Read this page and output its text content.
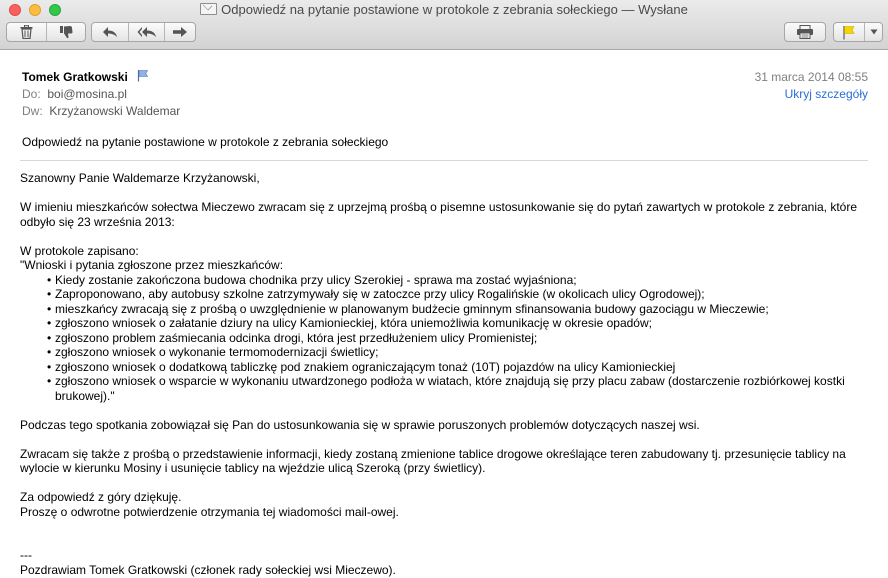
Odpowiedź na pytanie postawione w protokole z zebrania sołeckiego — Wysłane
Tomek Gratkowski
Do: boi@mosina.pl
Dw: Krzyżanowski Waldemar
31 marca 2014 08:55
Ukryj szczegóły
Odpowiedź na pytanie postawione w protokole z zebrania sołeckiego

Szanowny Panie Waldemarze Krzyżanowski,

W imieniu mieszkańców sołectwa Mieczewo zwracam się z uprzejmą prośbą o pisemne ustosunkowanie się do pytań zawartych w protokole z zebrania, które odbyło się 23 września 2013:

W protokole zapisano:
"Wnioski i pytania zgłoszone przez mieszkańców:
• Kiedy zostanie zakończona budowa chodnika przy ulicy Szerokiej - sprawa ma zostać wyjaśniona;
• Zaproponowano, aby autobusy szkolne zatrzymywały się w zatoczce przy ulicy Rogalińskie (w okolicach ulicy Ogrodowej);
• mieszkańcy zwracają się z prośbą o uwzględnienie w planowanym budżecie gminnym sfinansowania budowy gazociągu w Mieczewie;
• zgłoszono wniosek o załatanie dziury na ulicy Kamionieckiej, która uniemożliwia komunikację w okresie opadów;
• zgłoszono problem zaśmiecania odcinka drogi, która jest przedłużeniem ulicy Promienistej;
• zgłoszono wniosek o wykonanie termomodernizacji świetlicy;
• zgłoszono wniosek o dodatkową tabliczkę pod znakiem ograniczającym tonaż (10T) pojazdów na ulicy Kamionieckiej
• zgłoszono wniosek o wsparcie w wykonaniu utwardzonego podłoża w wiatach, które znajdują się przy placu zabaw (dostarczenie rozbiórkowej kostki brukowej)."

Podczas tego spotkania zobowiązał się Pan do ustosunkowania się w sprawie poruszonych problemów dotyczących naszej wsi.

Zwracam się także z prośbą o przedstawienie informacji, kiedy zostaną zmienione tablice drogowe określające teren zabudowany tj. przesunięcie tablicy na wylocie w kierunku Mosiny i usunięcie tablicy na wjeździe ulicą Szeroką (przy świetlicy).

Za odpowiedź z góry dziękuję.
Proszę o odwrotne potwierdzenie otrzymania tej wiadomości mail-owej.
---
Pozdrawiam Tomek Gratkowski (członek rady sołeckiej wsi Mieczewo).
